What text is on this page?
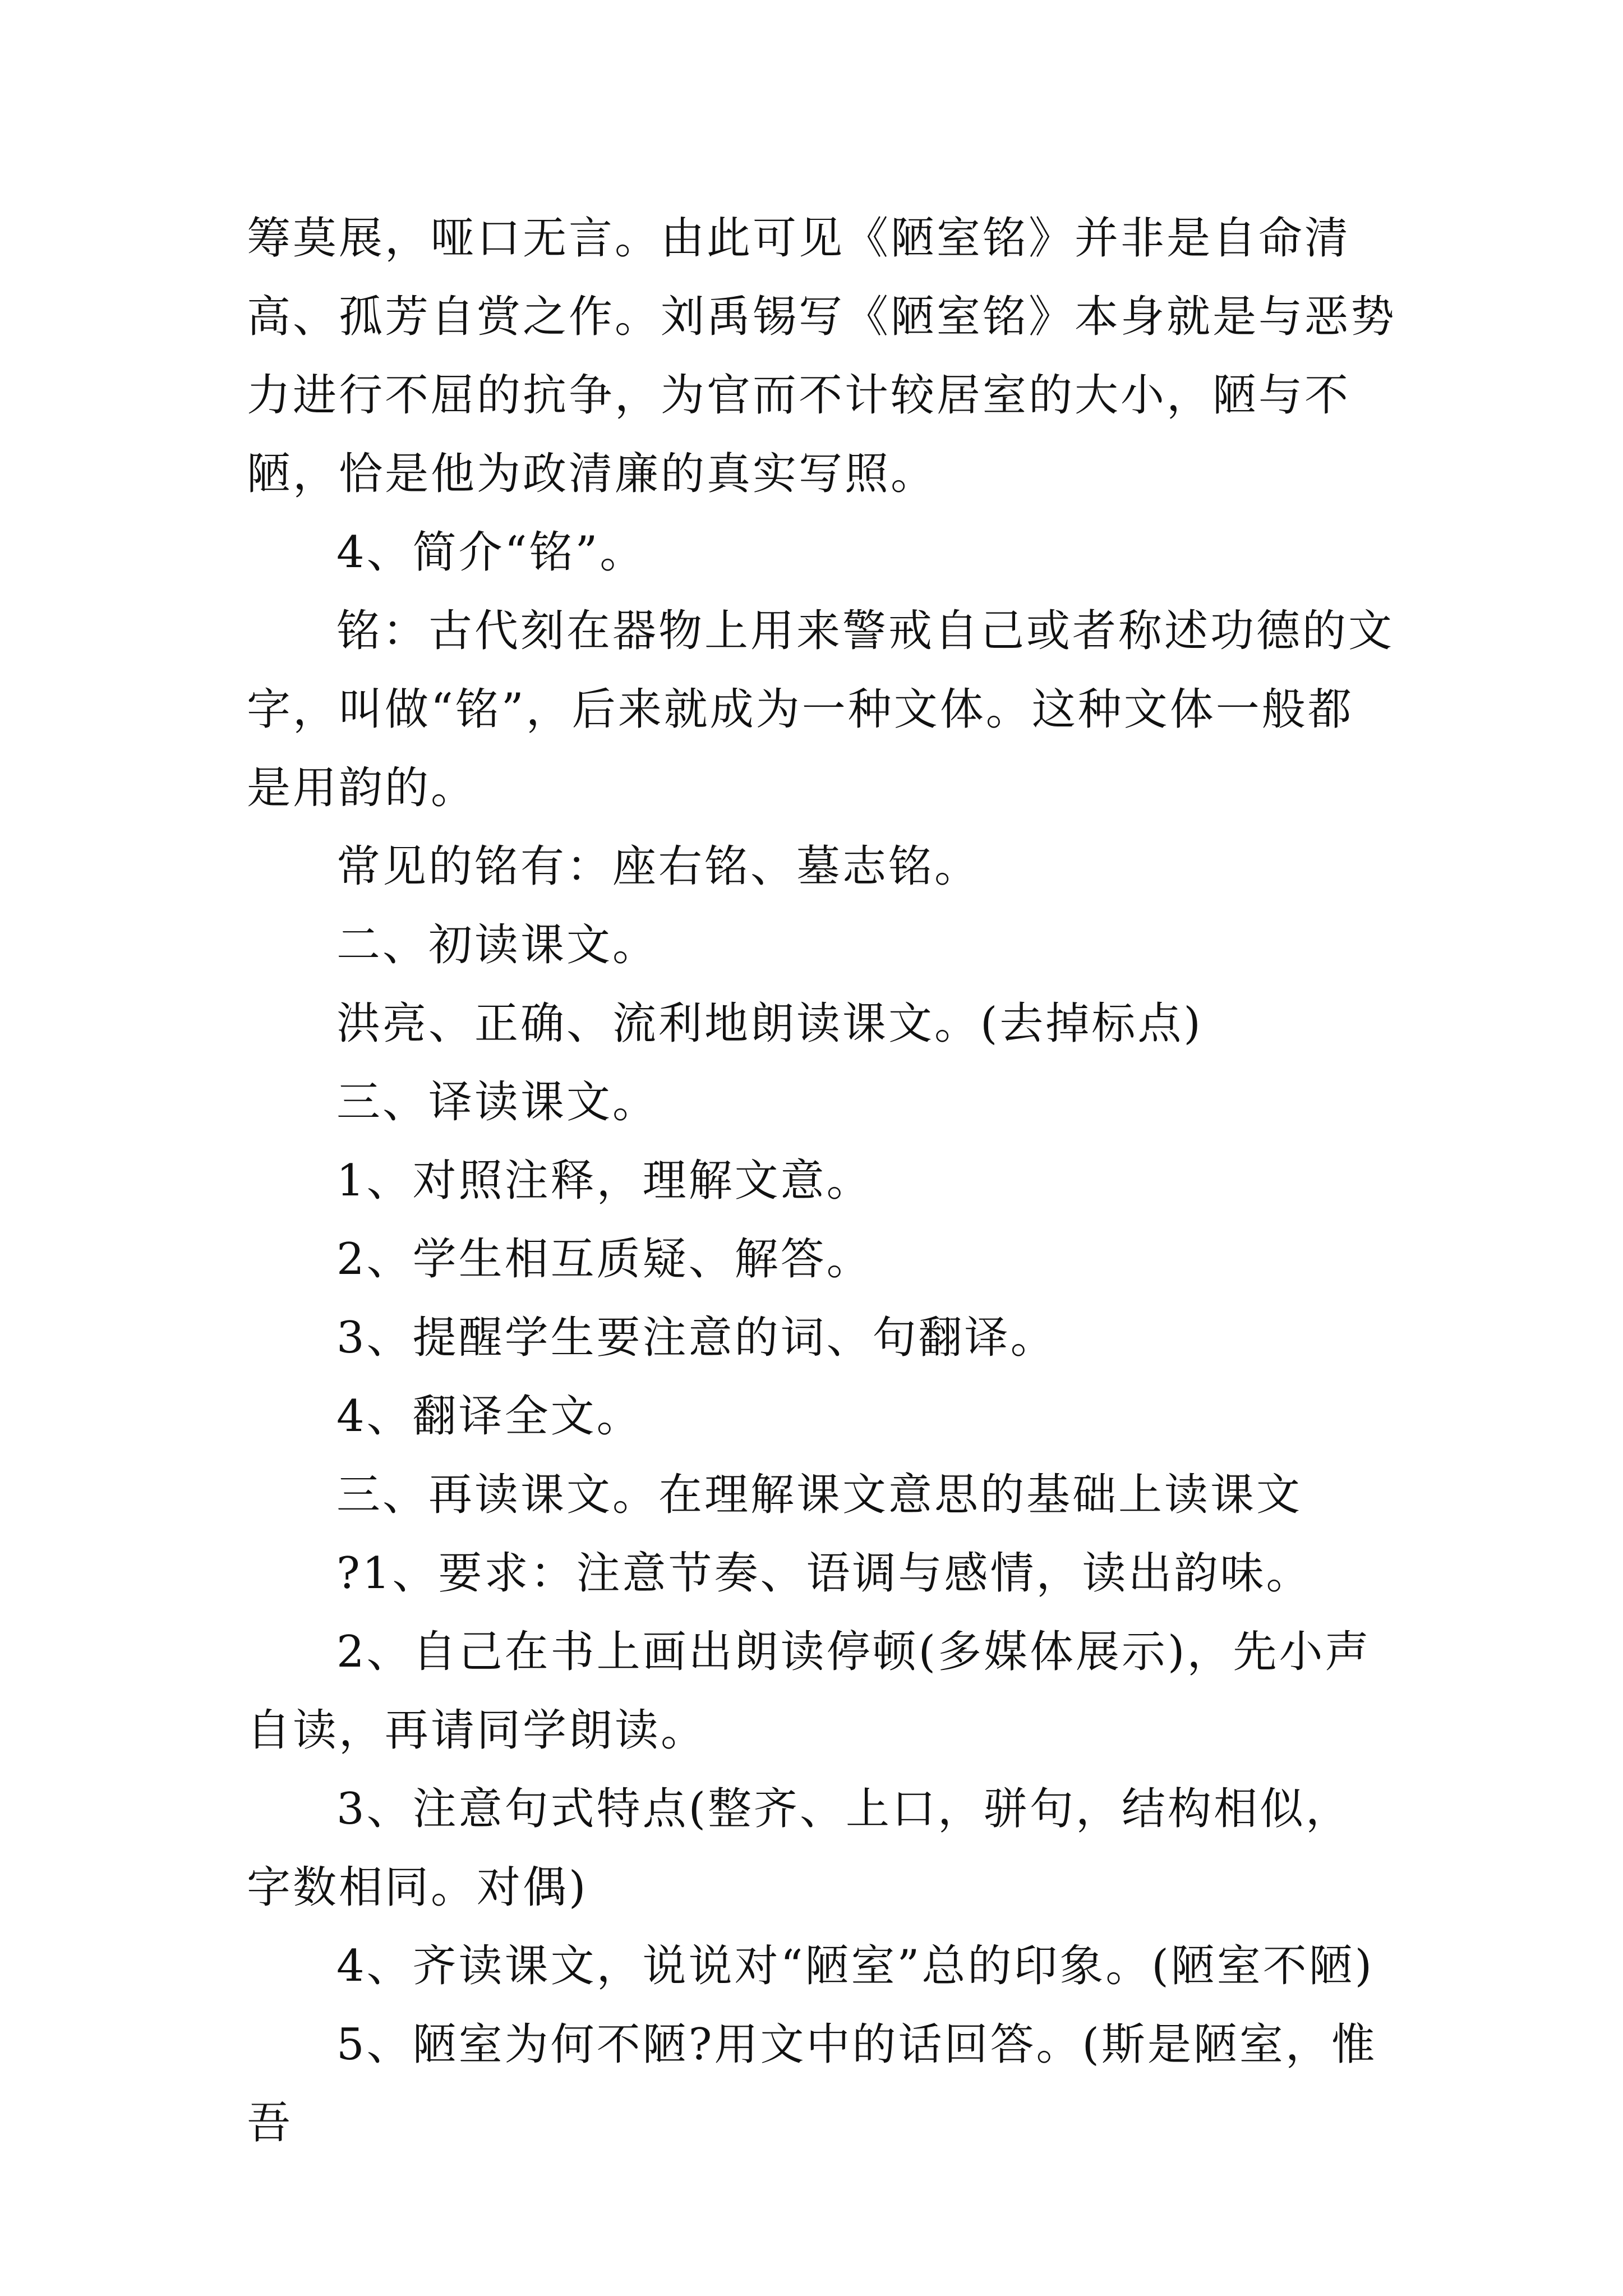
筹莫展，哑口无言。由此可见《陋室铭》并非是自命清高、孤芳自赏之作。刘禹锡写《陋室铭》本身就是与恶势力进行不屈的抗争，为官而不计较居室的大小，陋与不陋，恰是他为政清廉的真实写照。

4、简介“铭”。

铭：古代刻在器物上用来警戒自己或者称述功德的文字，叫做“铭”，后来就成为一种文体。这种文体一般都是用韵的。

常见的铭有：座右铭、墓志铭。

二、初读课文。

洪亮、正确、流利地朗读课文。(去掉标点)

三、译读课文。

1、对照注释，理解文意。

2、学生相互质疑、解答。

3、提醒学生要注意的词、句翻译。

4、翻译全文。

三、再读课文。在理解课文意思的基础上读课文

?1、要求：注意节奏、语调与感情，读出韵味。

2、自己在书上画出朗读停顿(多媒体展示)，先小声自读，再请同学朗读。

3、注意句式特点(整齐、上口，骈句，结构相似，字数相同。对偶)

4、齐读课文，说说对“陋室”总的印象。(陋室不陋)

5、陋室为何不陋?用文中的话回答。(斯是陋室，惟吾
